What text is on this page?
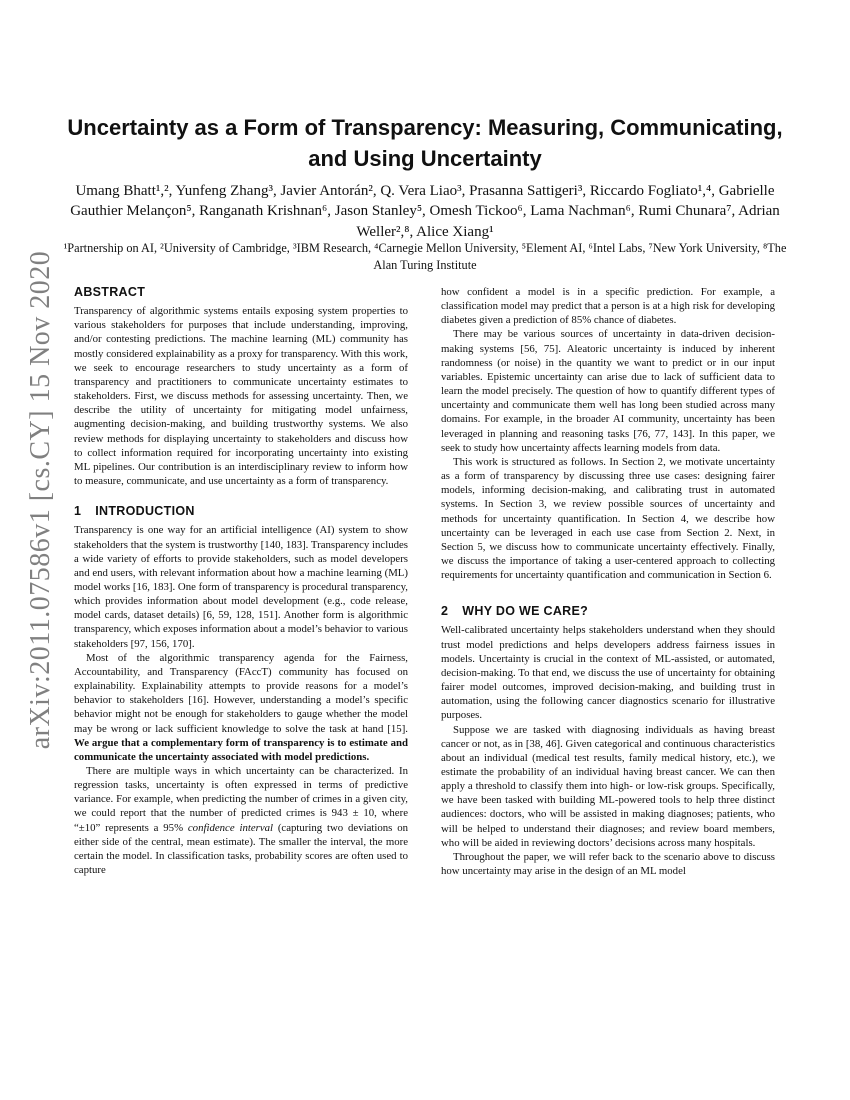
arXiv:2011.07586v1 [cs.CY] 15 Nov 2020
Uncertainty as a Form of Transparency: Measuring, Communicating, and Using Uncertainty
Umang Bhatt¹,², Yunfeng Zhang³, Javier Antorán², Q. Vera Liao³, Prasanna Sattigeri³, Riccardo Fogliato¹,⁴, Gabrielle Gauthier Melançon⁵, Ranganath Krishnan⁶, Jason Stanley⁵, Omesh Tickoo⁶, Lama Nachman⁶, Rumi Chunara⁷, Adrian Weller²,⁸, Alice Xiang¹
¹Partnership on AI, ²University of Cambridge, ³IBM Research, ⁴Carnegie Mellon University, ⁵Element AI, ⁶Intel Labs, ⁷New York University, ⁸The Alan Turing Institute
ABSTRACT

Transparency of algorithmic systems entails exposing system properties to various stakeholders for purposes that include understanding, improving, and/or contesting predictions. The machine learning (ML) community has mostly considered explainability as a proxy for transparency. With this work, we seek to encourage researchers to study uncertainty as a form of transparency and practitioners to communicate uncertainty estimates to stakeholders. First, we discuss methods for assessing uncertainty. Then, we describe the utility of uncertainty for mitigating model unfairness, augmenting decision-making, and building trustworthy systems. We also review methods for displaying uncertainty to stakeholders and discuss how to collect information required for incorporating uncertainty into existing ML pipelines. Our contribution is an interdisciplinary review to inform how to measure, communicate, and use uncertainty as a form of transparency.

1 INTRODUCTION

Transparency is one way for an artificial intelligence (AI) system to show stakeholders that the system is trustworthy [140, 183]. Transparency includes a wide variety of efforts to provide stakeholders, such as model developers and end users, with relevant information about how a machine learning (ML) model works [16, 183]. One form of transparency is procedural transparency, which provides information about model development (e.g., code release, model cards, dataset details) [6, 59, 128, 151]. Another form is algorithmic transparency, which exposes information about a model’s behavior to various stakeholders [97, 156, 170].

Most of the algorithmic transparency agenda for the Fairness, Accountability, and Transparency (FAccT) community has focused on explainability. Explainability attempts to provide reasons for a model’s behavior to stakeholders [16]. However, understanding a model’s specific behavior might not be enough for stakeholders to gauge whether the model may be wrong or lack sufficient knowledge to solve the task at hand [15]. We argue that a complementary form of transparency is to estimate and communicate the uncertainty associated with model predictions.

There are multiple ways in which uncertainty can be characterized. In regression tasks, uncertainty is often expressed in terms of predictive variance. For example, when predicting the number of crimes in a given city, we could report that the number of predicted crimes is 943 ± 10, where “±10” represents a 95% confidence interval (capturing two deviations on either side of the central, mean estimate). The smaller the interval, the more certain the model. In classification tasks, probability scores are often used to capture

how confident a model is in a specific prediction. For example, a classification model may predict that a person is at a high risk for developing diabetes given a prediction of 85% chance of diabetes.

There may be various sources of uncertainty in data-driven decision-making systems [56, 75]. Aleatoric uncertainty is induced by inherent randomness (or noise) in the quantity we want to predict or in our input variables. Epistemic uncertainty can arise due to lack of sufficient data to learn the model precisely. The question of how to quantify different types of uncertainty and communicate them well has long been studied across many domains. For example, in the broader AI community, uncertainty has been leveraged in planning and reasoning tasks [76, 77, 143]. In this paper, we seek to study how uncertainty affects learning models from data.

This work is structured as follows. In Section 2, we motivate uncertainty as a form of transparency by discussing three use cases: designing fairer models, informing decision-making, and calibrating trust in automated systems. In Section 3, we review possible sources of uncertainty and methods for uncertainty quantification. In Section 4, we describe how uncertainty can be leveraged in each use case from Section 2. Next, in Section 5, we discuss how to communicate uncertainty effectively. Finally, we discuss the importance of taking a user-centered approach to collecting requirements for uncertainty quantification and communication in Section 6.

2 WHY DO WE CARE?

Well-calibrated uncertainty helps stakeholders understand when they should trust model predictions and helps developers address fairness issues in models. Uncertainty is crucial in the context of ML-assisted, or automated, decision-making. To that end, we discuss the use of uncertainty for obtaining fairer model outcomes, improved decision-making, and building trust in automation, using the following cancer diagnostics scenario for illustrative purposes.

Suppose we are tasked with diagnosing individuals as having breast cancer or not, as in [38, 46]. Given categorical and continuous characteristics about an individual (medical test results, family medical history, etc.), we estimate the probability of an individual having breast cancer. We can then apply a threshold to classify them into high- or low-risk groups. Specifically, we have been tasked with building ML-powered tools to help three distinct audiences: doctors, who will be assisted in making diagnoses; patients, who will be helped to understand their diagnoses; and review board members, who will be aided in reviewing doctors’ decisions across many hospitals.

Throughout the paper, we will refer back to the scenario above to discuss how uncertainty may arise in the design of an ML model
